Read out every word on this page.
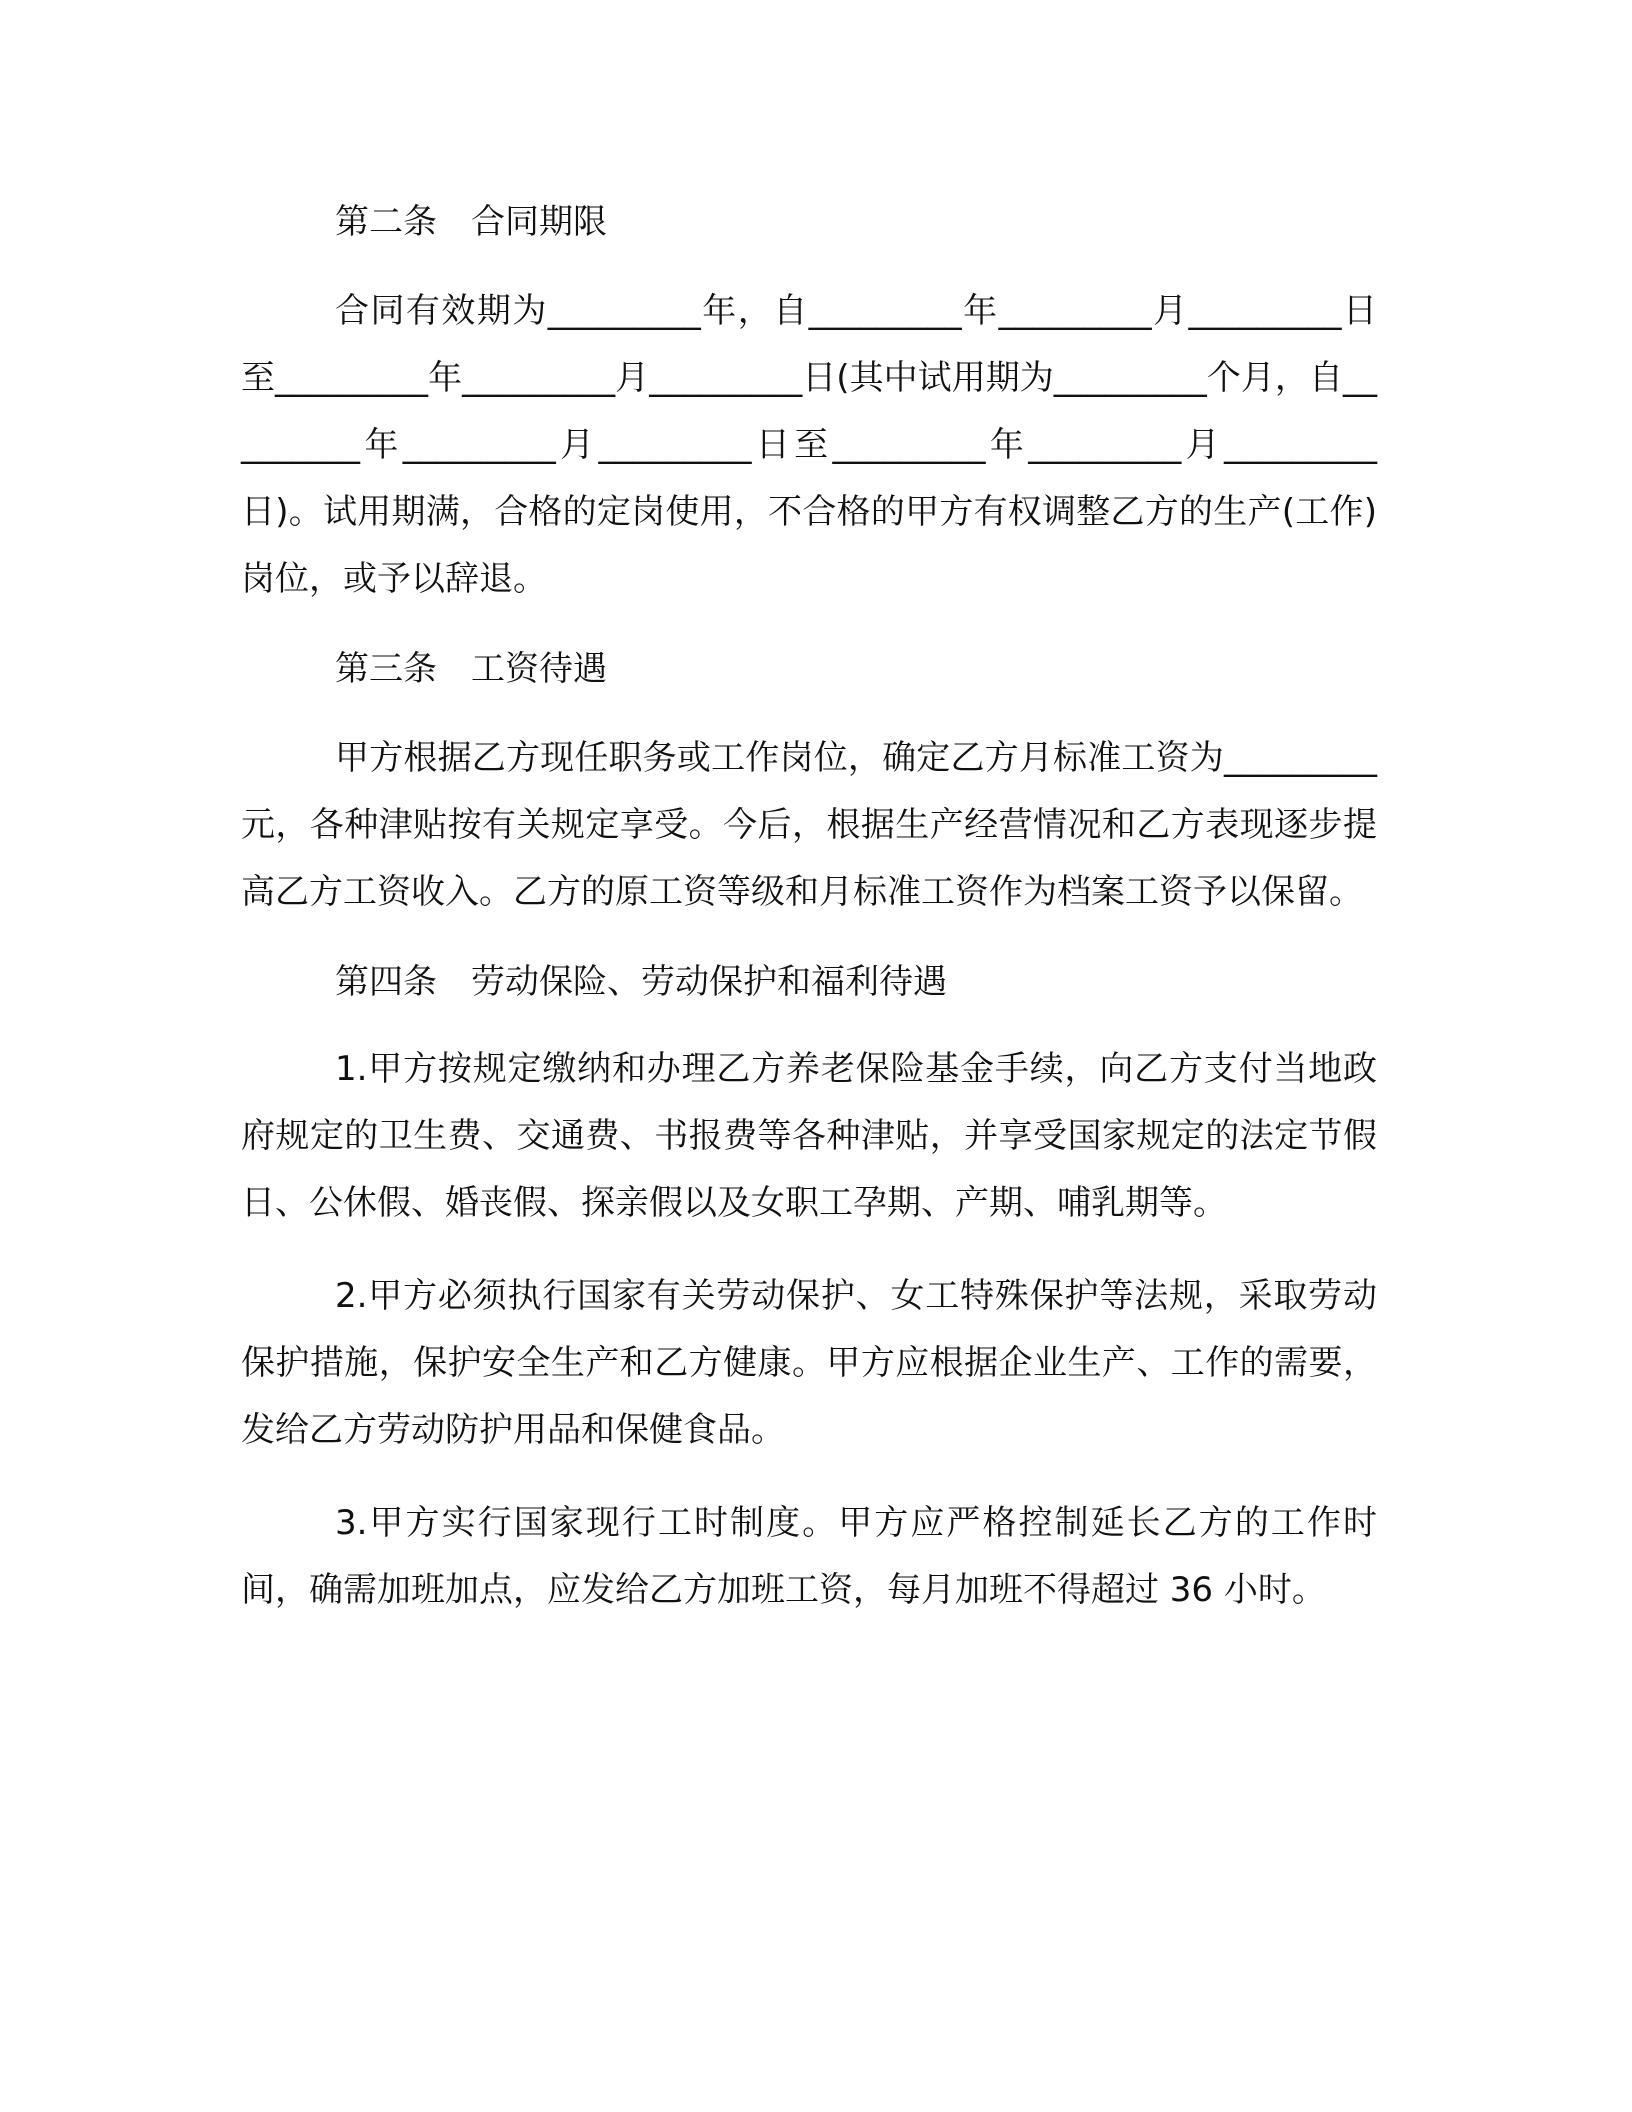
第二条 合同期限

合同有效期为_________年，自_________年_________月_________日至_________年_________月_________日(其中试用期为_________个月，自_________年_________月_________日至_________年_________月_________日)。试用期满，合格的定岗使用，不合格的甲方有权调整乙方的生产(工作)岗位，或予以辞退。

第三条 工资待遇

甲方根据乙方现任职务或工作岗位，确定乙方月标准工资为_________元，各种津贴按有关规定享受。今后，根据生产经营情况和乙方表现逐步提高乙方工资收入。乙方的原工资等级和月标准工资作为档案工资予以保留。

第四条 劳动保险、劳动保护和福利待遇

1.甲方按规定缴纳和办理乙方养老保险基金手续，向乙方支付当地政府规定的卫生费、交通费、书报费等各种津贴，并享受国家规定的法定节假日、公休假、婚丧假、探亲假以及女职工孕期、产期、哺乳期等。

2.甲方必须执行国家有关劳动保护、女工特殊保护等法规，采取劳动保护措施，保护安全生产和乙方健康。甲方应根据企业生产、工作的需要，发给乙方劳动防护用品和保健食品。

3.甲方实行国家现行工时制度。甲方应严格控制延长乙方的工作时间，确需加班加点，应发给乙方加班工资，每月加班不得超过 36 小时。
